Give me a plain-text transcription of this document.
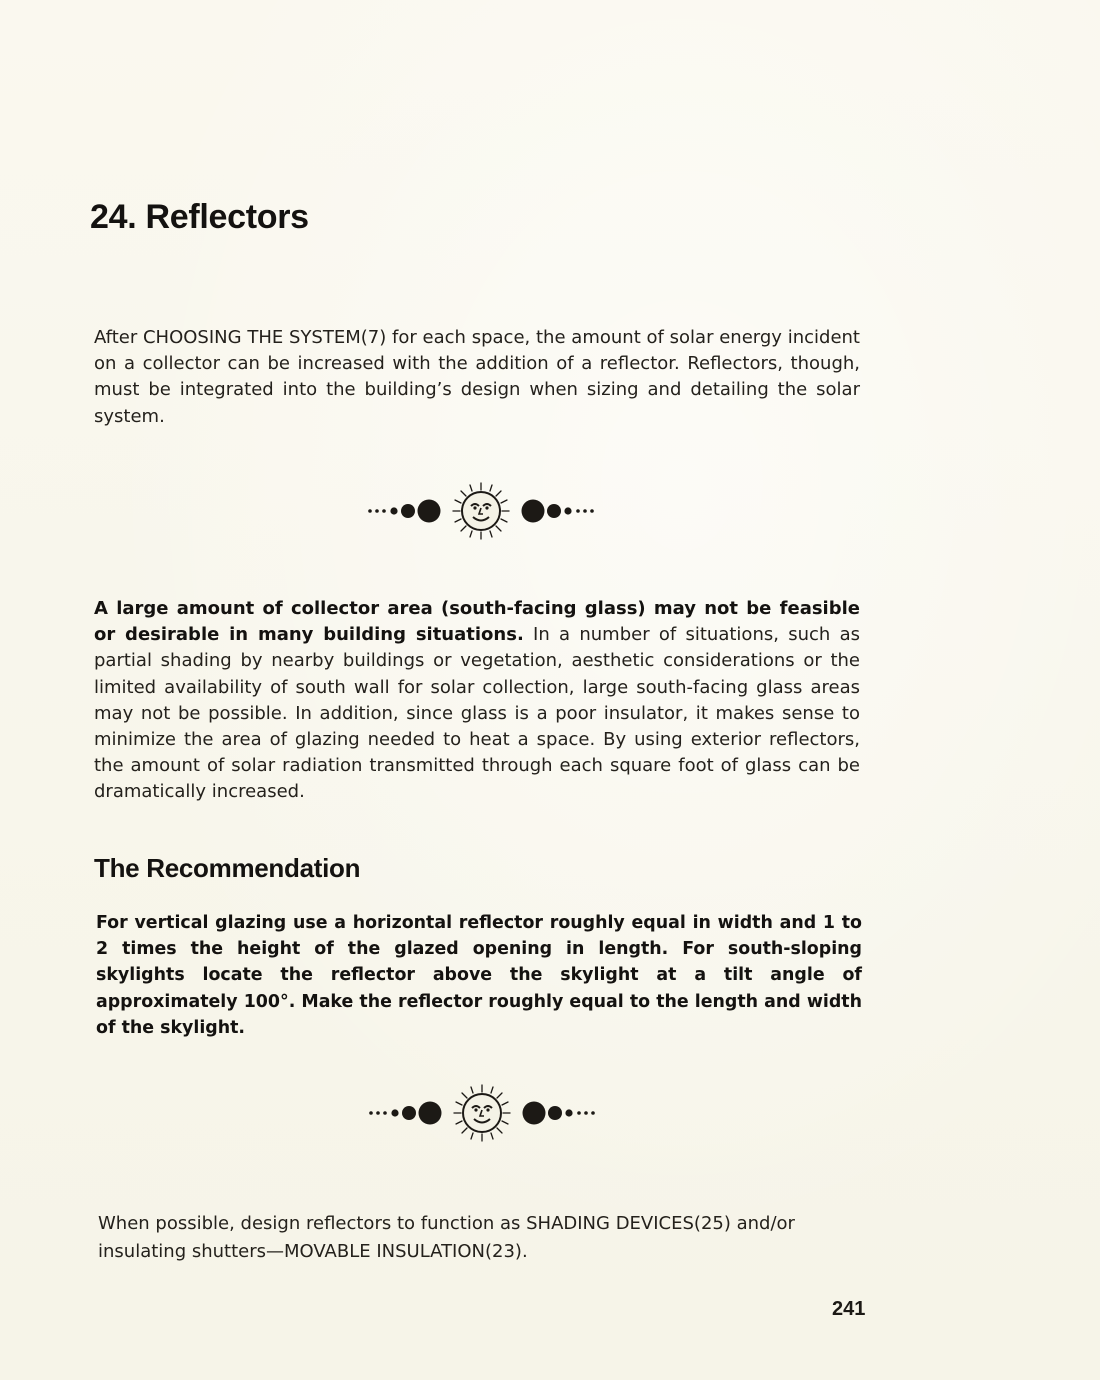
24. Reflectors

After CHOOSING THE SYSTEM(7) for each space, the amount of solar energy incident on a collector can be increased with the addition of a reflector. Reflectors, though, must be integrated into the building’s design when sizing and detailing the solar system.

A large amount of collector area (south-facing glass) may not be feasible or desirable in many building situations. In a number of situations, such as partial shading by nearby buildings or vegetation, aesthetic considerations or the limited availability of south wall for solar collection, large south-facing glass areas may not be possible. In addition, since glass is a poor insulator, it makes sense to minimize the area of glazing needed to heat a space. By using exterior reflectors, the amount of solar radiation transmitted through each square foot of glass can be dramatically increased.

The Recommendation

For vertical glazing use a horizontal reflector roughly equal in width and 1 to 2 times the height of the glazed opening in length. For south-sloping skylights locate the reflector above the skylight at a tilt angle of approximately 100°. Make the reflector roughly equal to the length and width of the skylight.

When possible, design reflectors to function as SHADING DEVICES(25) and/or insulating shutters—MOVABLE INSULATION(23).

241
